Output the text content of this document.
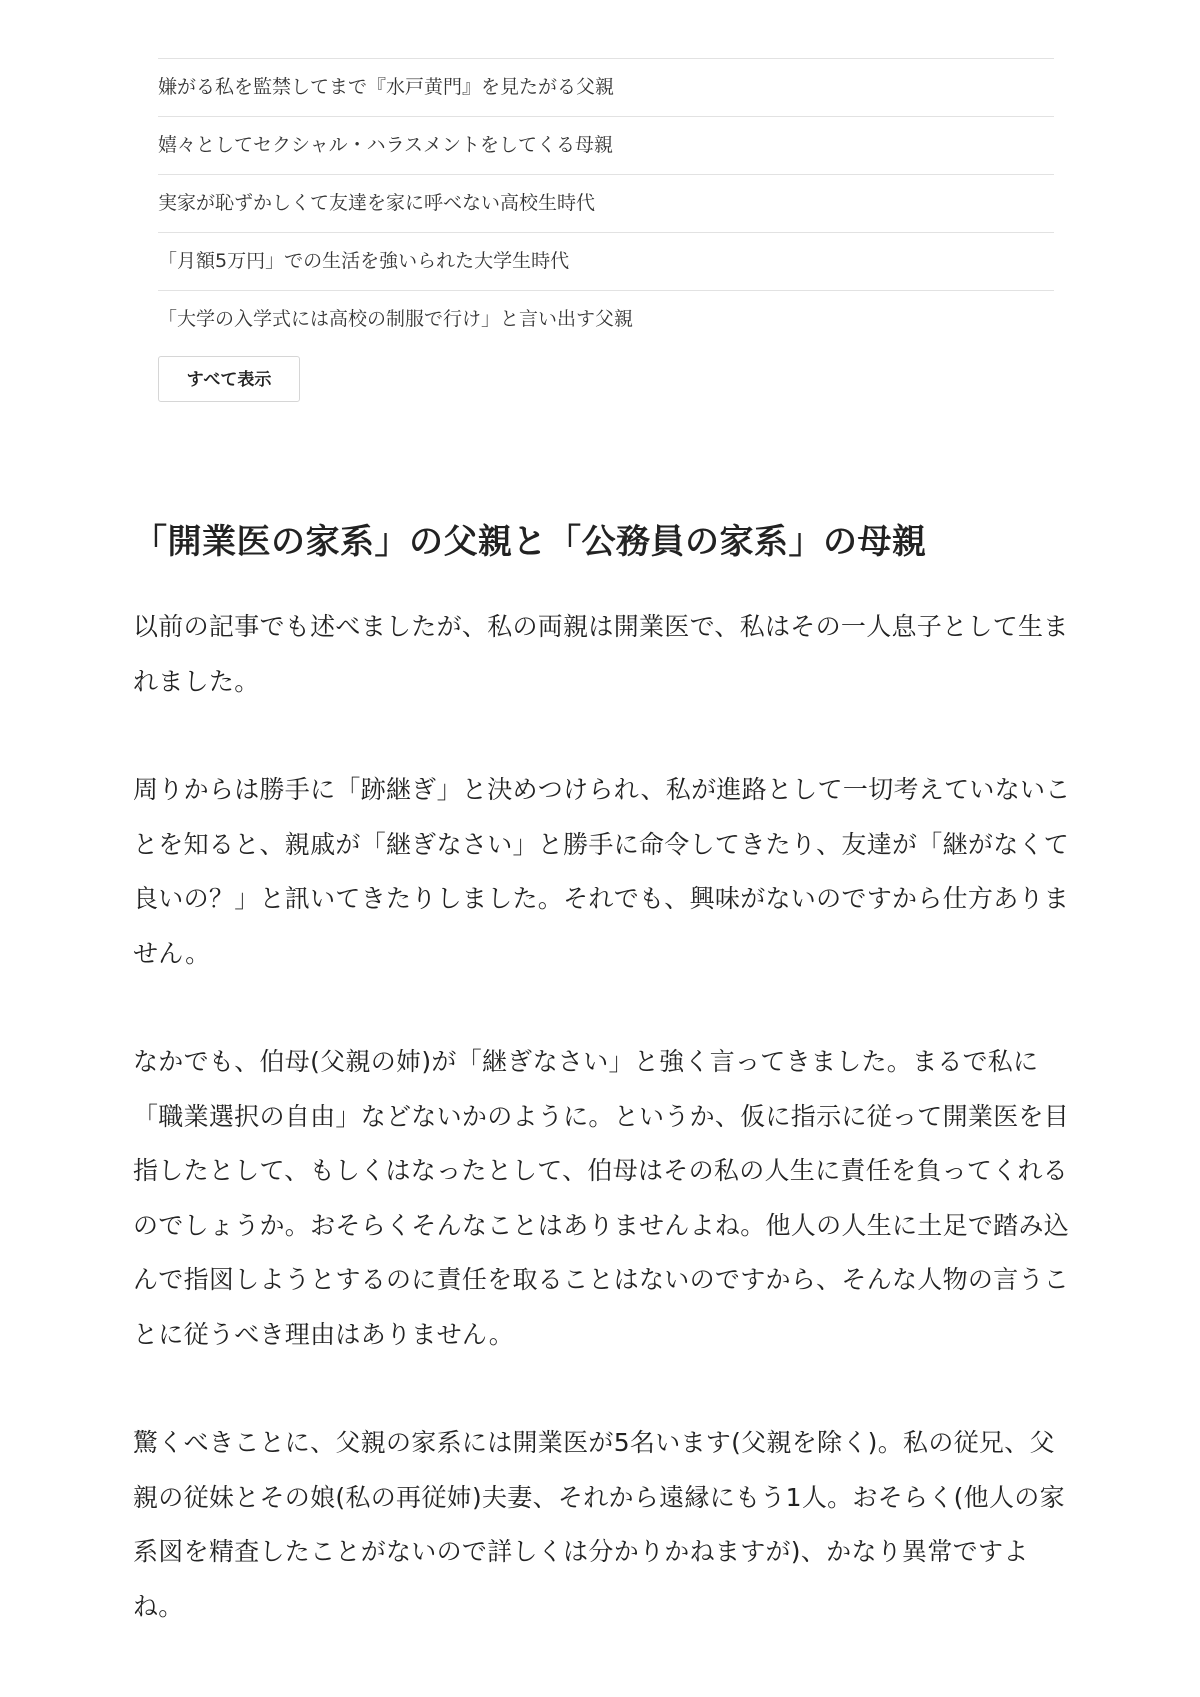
嫌がる私を監禁してまで『水戸黄門』を見たがる父親
嬉々としてセクシャル・ハラスメントをしてくる母親
実家が恥ずかしくて友達を家に呼べない高校生時代
「月額5万円」での生活を強いられた大学生時代
「大学の入学式には高校の制服で行け」と言い出す父親
すべて表示
「開業医の家系」の父親と「公務員の家系」の母親

以前の記事でも述べましたが、私の両親は開業医で、私はその一人息子として生まれました。

周りからは勝手に「跡継ぎ」と決めつけられ、私が進路として一切考えていないことを知ると、親戚が「継ぎなさい」と勝手に命令してきたり、友達が「継がなくて良いの？」と訊いてきたりしました。それでも、興味がないのですから仕方ありません。

なかでも、伯母(父親の姉)が「継ぎなさい」と強く言ってきました。まるで私に「職業選択の自由」などないかのように。というか、仮に指示に従って開業医を目指したとして、もしくはなったとして、伯母はその私の人生に責任を負ってくれるのでしょうか。おそらくそんなことはありませんよね。他人の人生に土足で踏み込んで指図しようとするのに責任を取ることはないのですから、そんな人物の言うことに従うべき理由はありません。

驚くべきことに、父親の家系には開業医が5名います(父親を除く)。私の従兄、父親の従妹とその娘(私の再従姉)夫妻、それから遠縁にもう1人。おそらく(他人の家系図を精査したことがないので詳しくは分かりかねますが)、かなり異常ですよね。
